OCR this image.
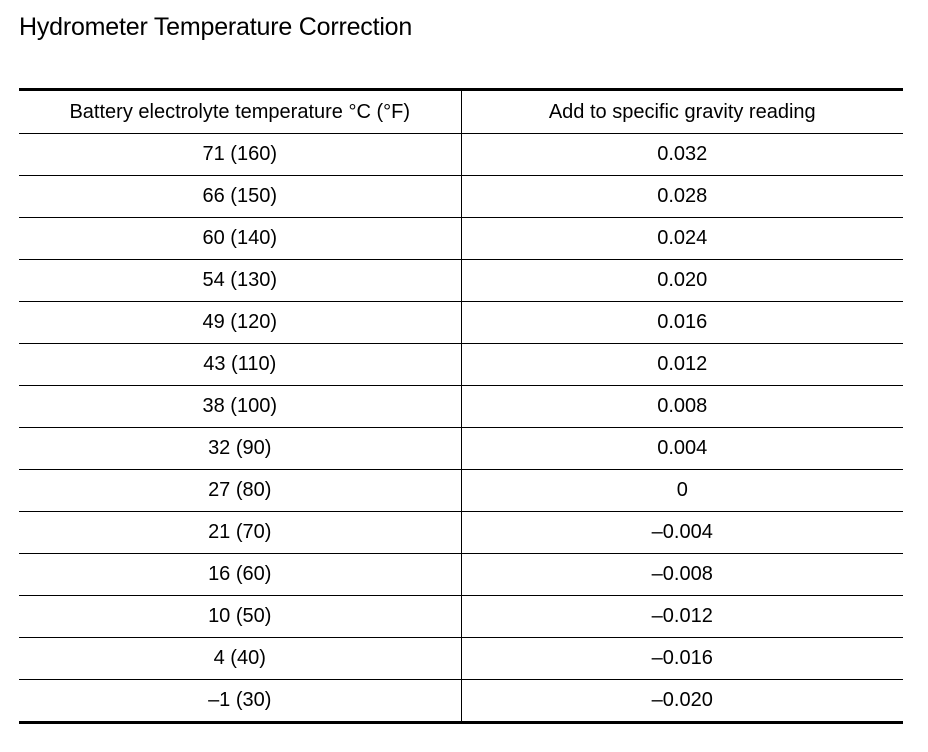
Hydrometer Temperature Correction
Battery electrolyte temperature °C (°F)	Add to specific gravity reading
71 (160)	0.032
66 (150)	0.028
60 (140)	0.024
54 (130)	0.020
49 (120)	0.016
43 (110)	0.012
38 (100)	0.008
32 (90)	0.004
27 (80)	0
21 (70)	–0.004
16 (60)	–0.008
10 (50)	–0.012
4 (40)	–0.016
–1 (30)	–0.020
